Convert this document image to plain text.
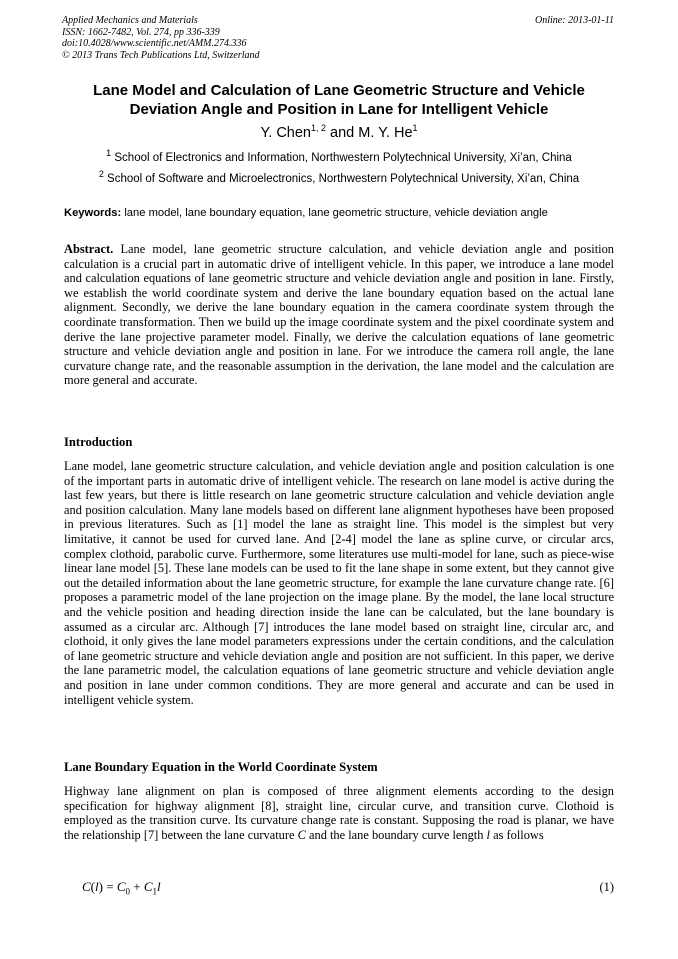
Applied Mechanics and Materials
ISSN: 1662-7482, Vol. 274, pp 336-339
doi:10.4028/www.scientific.net/AMM.274.336
© 2013 Trans Tech Publications Ltd, Switzerland
Online: 2013-01-11
Lane Model and Calculation of Lane Geometric Structure and Vehicle
Deviation Angle and Position in Lane for Intelligent Vehicle
Y. Chen$^{1, 2}$ and M. Y. He$^1$
$^1$ School of Electronics and Information, Northwestern Polytechnical University, Xi’an, China
$^2$ School of Software and Microelectronics, Northwestern Polytechnical University, Xi’an, China
Keywords: lane model, lane boundary equation, lane geometric structure, vehicle deviation angle
Abstract. Lane model, lane geometric structure calculation, and vehicle deviation angle and position calculation is a crucial part in automatic drive of intelligent vehicle. In this paper, we introduce a lane model and calculation equations of lane geometric structure and vehicle deviation angle and position in lane. Firstly, we establish the world coordinate system and derive the lane boundary equation based on the actual lane alignment. Secondly, we derive the lane boundary equation in the camera coordinate system through the coordinate transformation. Then we build up the image coordinate system and the pixel coordinate system and derive the lane projective parameter model. Finally, we derive the calculation equations of lane geometric structure and vehicle deviation angle and position in lane. For we introduce the camera roll angle, the lane curvature change rate, and the reasonable assumption in the derivation, the lane model and the calculation are more general and accurate.
Introduction
Lane model, lane geometric structure calculation, and vehicle deviation angle and position calculation is one of the important parts in automatic drive of intelligent vehicle. The research on lane model is active during the last few years, but there is little research on lane geometric structure calculation and vehicle deviation angle and position calculation. Many lane models based on different lane alignment hypotheses have been proposed in previous literatures. Such as [1] model the lane as straight line. This model is the simplest but very limitative, it cannot be used for curved lane. And [2-4] model the lane as spline curve, or circular arcs, complex clothoid, parabolic curve. Furthermore, some literatures use multi-model for lane, such as piece-wise linear lane model [5]. These lane models can be used to fit the lane shape in some extent, but they cannot give out the detailed information about the lane geometric structure, for example the lane curvature change rate. [6] proposes a parametric model of the lane projection on the image plane. By the model, the lane local structure and the vehicle position and heading direction inside the lane can be calculated, but the lane boundary is assumed as a circular arc. Although [7] introduces the lane model based on straight line, circular arc, and clothoid, it only gives the lane model parameters expressions under the certain conditions, and the calculation of lane geometric structure and vehicle deviation angle and position are not sufficient. In this paper, we derive the lane parametric model, the calculation equations of lane geometric structure and vehicle deviation angle and position in lane under common conditions. They are more general and accurate and can be used in intelligent vehicle system.
Lane Boundary Equation in the World Coordinate System
Highway lane alignment on plan is composed of three alignment elements according to the design specification for highway alignment [8], straight line, circular curve, and transition curve. Clothoid is employed as the transition curve. Its curvature change rate is constant. Supposing the road is planar, we have the relationship [7] between the lane curvature C and the lane boundary curve length l as follows
$C(l) = C_0 + C_1l$	(1)
